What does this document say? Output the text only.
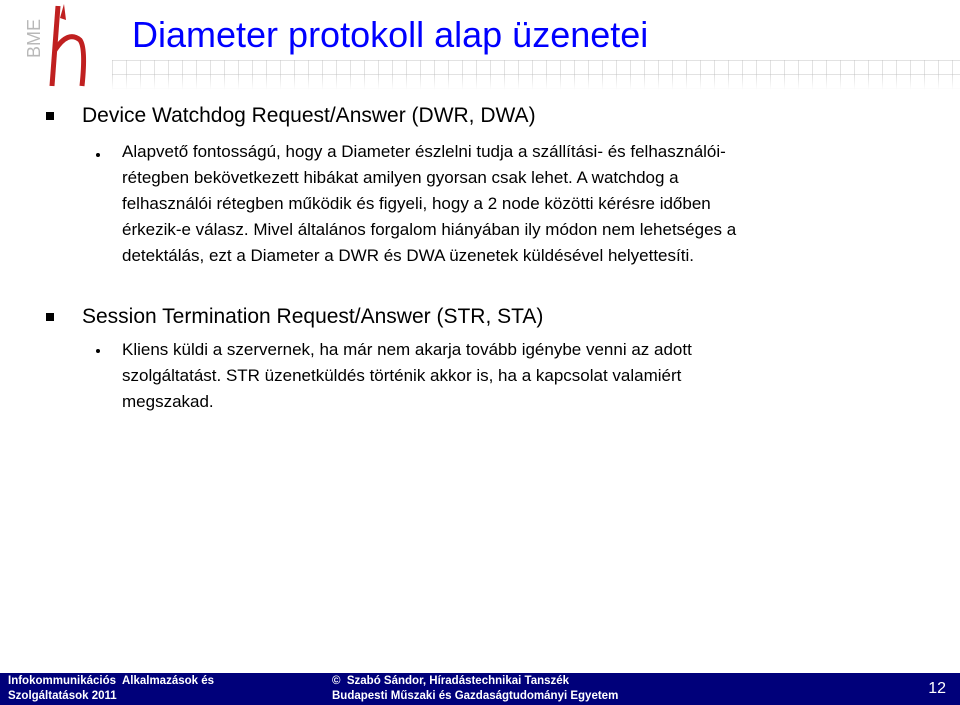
BME Diameter protokoll alap üzenetei
Device Watchdog Request/Answer (DWR, DWA)
Alapvető fontosságú, hogy a Diameter észlelni tudja a szállítási- és felhasználói-
rétegben bekövetkezett hibákat amilyen gyorsan csak lehet. A watchdog a
felhasználói rétegben működik és figyeli, hogy a 2 node közötti kérésre időben
érkezik-e válasz. Mivel általános forgalom hiányában ily módon nem lehetséges a
detektálás, ezt a Diameter a DWR és DWA üzenetek küldésével helyettesíti.
Session Termination Request/Answer (STR, STA)
Kliens küldi a szervernek, ha már nem akarja tovább igénybe venni az adott
szolgáltatást. STR üzenetküldés történik akkor is, ha a kapcsolat valamiért
megszakad.
Infokommunikációs  Alkalmazások és
Szolgáltatások 2011
©  Szabó Sándor, Híradástechnikai Tanszék
Budapesti Műszaki és Gazdaságtudományi Egyetem	12
